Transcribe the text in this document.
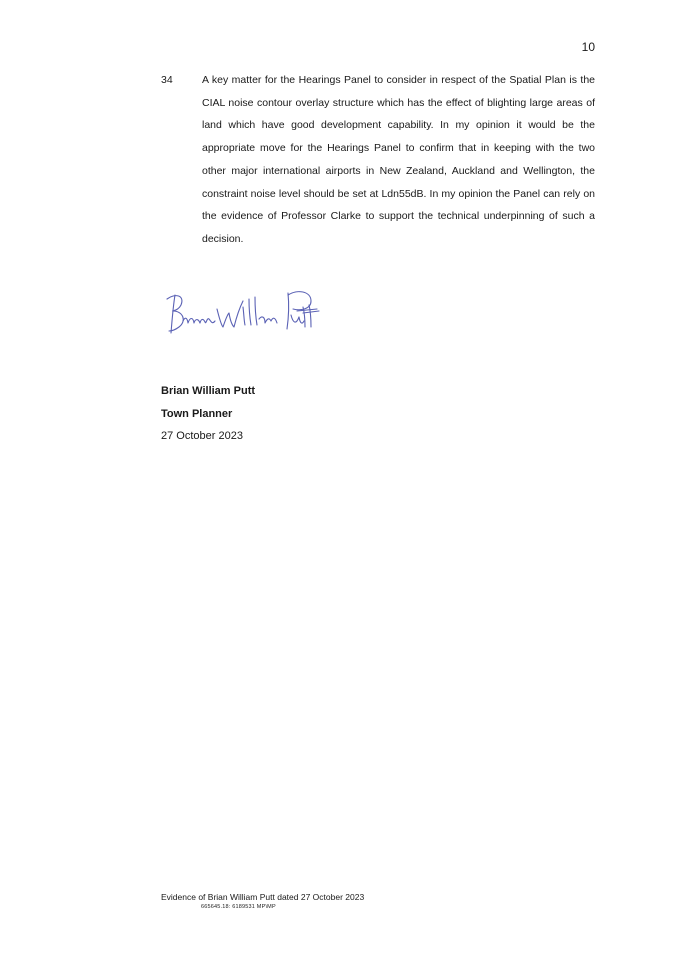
10
34	A key matter for the Hearings Panel to consider in respect of the Spatial Plan is the CIAL noise contour overlay structure which has the effect of blighting large areas of land which have good development capability. In my opinion it would be the appropriate move for the Hearings Panel to confirm that in keeping with the two other major international airports in New Zealand, Auckland and Wellington, the constraint noise level should be set at Ldn55dB. In my opinion the Panel can rely on the evidence of Professor Clarke to support the technical underpinning of such a decision.
Brian William Putt
Town Planner
27 October 2023
Evidence of Brian William Putt dated 27 October 2023
665645.18: 6189531 MP\MP
